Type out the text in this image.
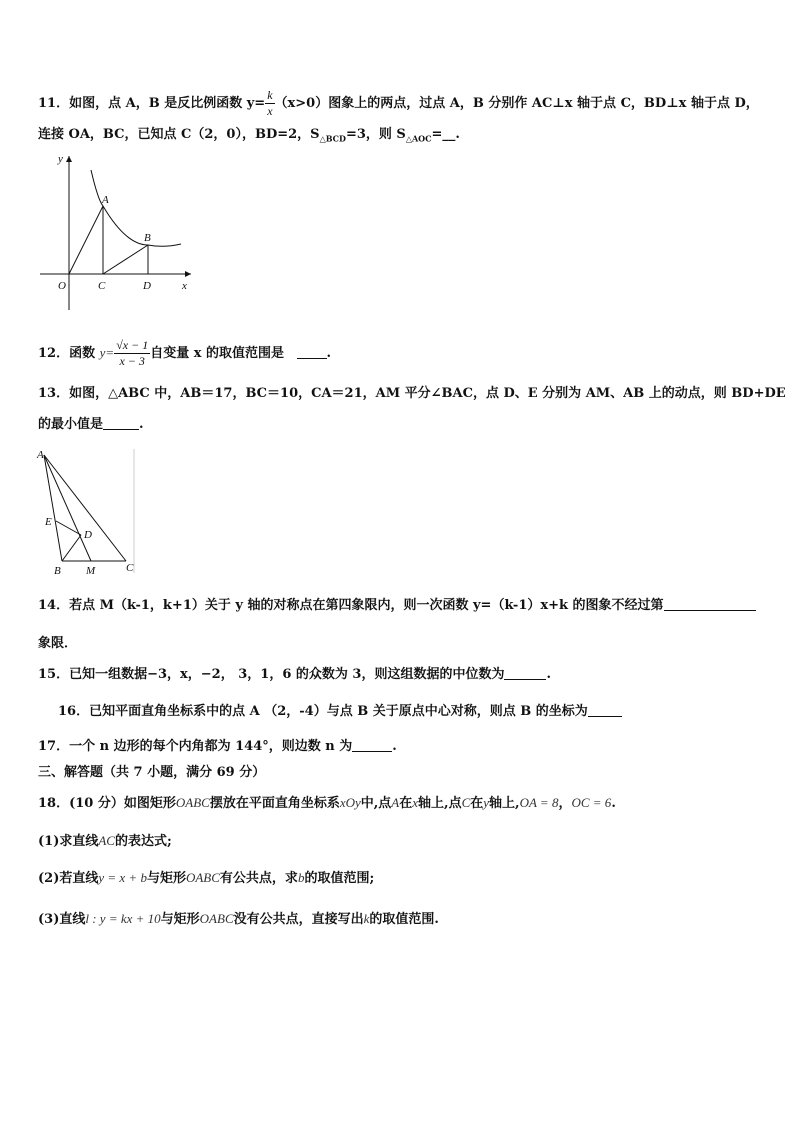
11．如图，点 A，B 是反比例函数 $y= \frac{k}{x} (x>0)$图象上的两点，过点 A，B 分别作 AC⊥x 轴于点 C，BD⊥x 轴于点 D，
连接 OA，BC，已知点 C（2，0），BD=2，$S_{\triangle BCD}=3$，则 $S_{\triangle AOC}=\_\_$.
y
x
O
A
B
C	D
12．函数 $y= \frac{√x - 1}{x - 3}$ 自变量 x 的取值范围是	.
13．如图，△ABC 中，AB＝17，BC＝10，CA＝21，AM 平分∠BAC，点 D、E 分别为 AM、AB 上的动点，则 BD+DE
的最小值是	.
A
E
D
B M	C
14．若点 M（k-1，k+1）关于 y 轴的对称点在第四象限内，则一次函数 y=（k-1）x+k 的图象不经过第
象限．
15．已知一组数据−3，x，−2， 3，1，6 的众数为 3，则这组数据的中位数为	.
16．已知平面直角坐标系中的点 A （2，-4）与点 B 关于原点中心对称，则点 B 的坐标为
17．一个 n 边形的每个内角都为 144°，则边数 n 为	.
三、解答题（共 7 小题，满分 69 分）
18．(10 分）如图矩形OABC摆放在平面直角坐标系xOy中,点A在x轴上,点C在y轴上,OA = 8，OC = 6.
(1)求直线AC的表达式;
(2)若直线y = x + b与矩形OABC有公共点，求b的取值范围;
(3)直线l : y = kx + 10与矩形OABC没有公共点，直接写出k的取值范围.
